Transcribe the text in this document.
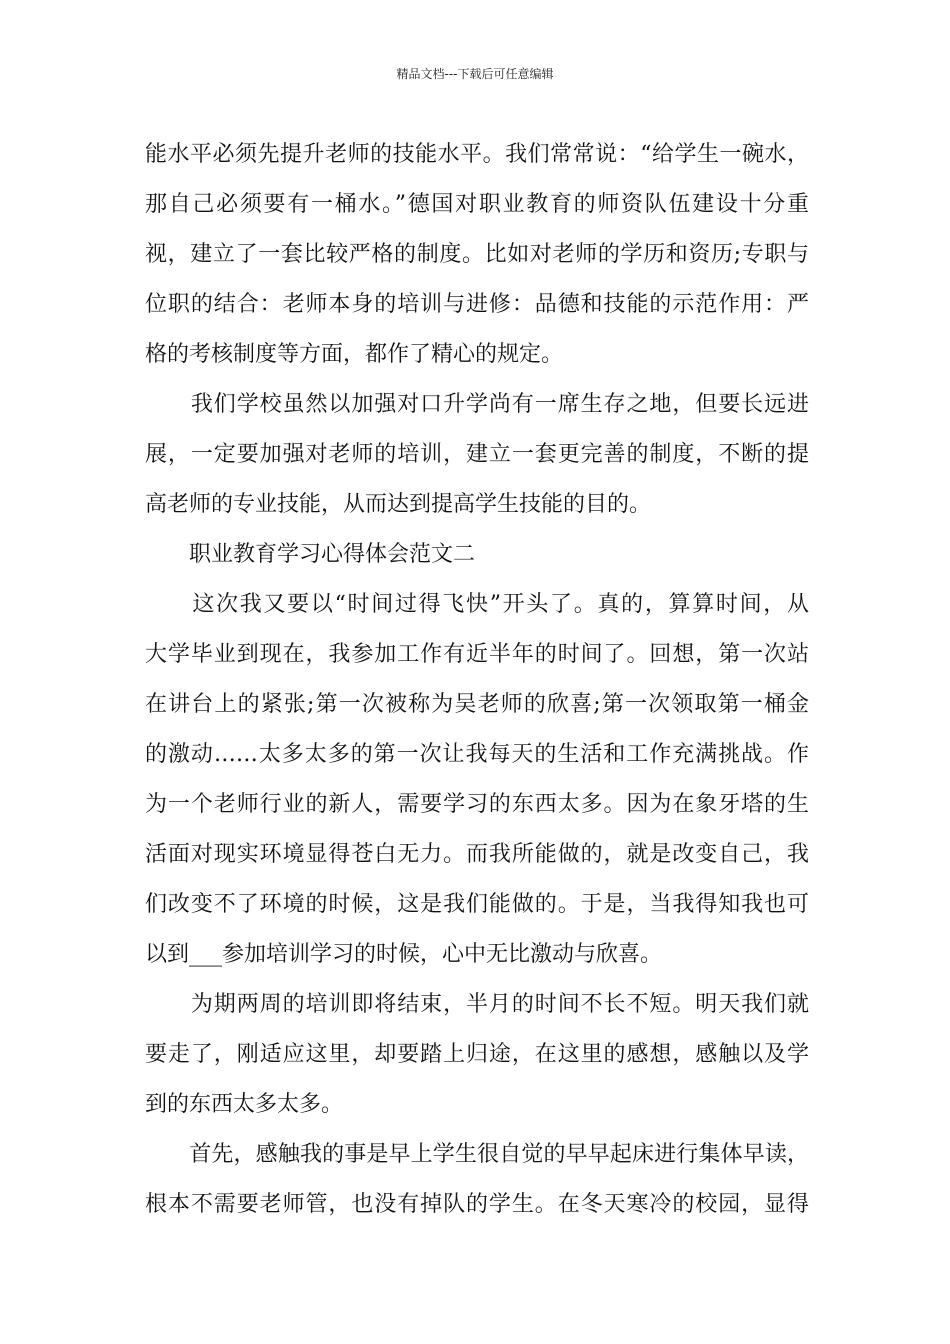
精品文档---下载后可任意编辑

能水平必须先提升老师的技能水平。我们常常说：“给学生一碗水，
那自己必须要有一桶水。”德国对职业教育的师资队伍建设十分重
视，建立了一套比较严格的制度。比如对老师的学历和资历;专职与
位职的结合：老师本身的培训与进修：品德和技能的示范作用：严
格的考核制度等方面，都作了精心的规定。

　　我们学校虽然以加强对口升学尚有一席生存之地，但要长远进
展，一定要加强对老师的培训，建立一套更完善的制度，不断的提
高老师的专业技能，从而达到提高学生技能的目的。

　　职业教育学习心得体会范文二

　　这次我又要以“时间过得飞快”开头了。真的，算算时间，从
大学毕业到现在，我参加工作有近半年的时间了。回想，第一次站
在讲台上的紧张;第一次被称为吴老师的欣喜;第一次领取第一桶金
的激动……太多太多的第一次让我每天的生活和工作充满挑战。作
为一个老师行业的新人，需要学习的东西太多。因为在象牙塔的生
活面对现实环境显得苍白无力。而我所能做的，就是改变自己，我
们改变不了环境的时候，这是我们能做的。于是，当我得知我也可
以到___参加培训学习的时候，心中无比激动与欣喜。

　　为期两周的培训即将结束，半月的时间不长不短。明天我们就
要走了，刚适应这里，却要踏上归途，在这里的感想，感触以及学
到的东西太多太多。

　　首先，感触我的事是早上学生很自觉的早早起床进行集体早读，
根本不需要老师管，也没有掉队的学生。在冬天寒冷的校园，显得
